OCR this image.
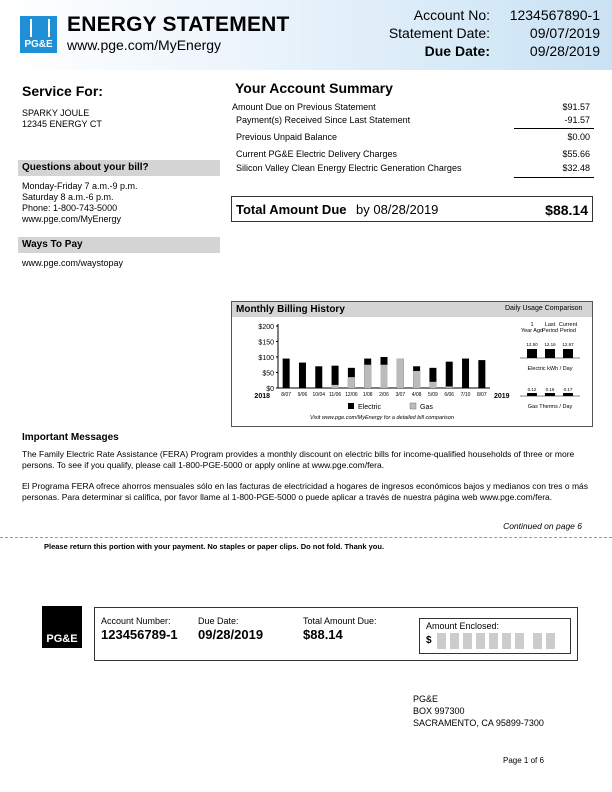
PG&E
ENERGY STATEMENT
www.pge.com/MyEnergy
Account No:	1234567890-1
Statement Date:	09/07/2019
Due Date:	09/28/2019
Service For:
SPARKY JOULE
12345 ENERGY CT
Questions about your bill?
Monday-Friday 7 a.m.-9 p.m.
Saturday 8 a.m.-6 p.m.
Phone: 1-800-743-5000
www.pge.com/MyEnergy
Ways To Pay
www.pge.com/waystopay
Your Account Summary
Amount Due on Previous Statement	$91.57
Payment(s) Received Since Last Statement	-91.57
Previous Unpaid Balance	$0.00
Current PG&E Electric Delivery Charges	$55.66
Silicon Valley Clean Energy Electric Generation Charges	$32.48
Total Amount Due by 08/28/2019	$88.14
Monthly Billing History	Daily Usage Comparison
$200
$150
$100
$50
$0
8/07 9/06 10/04 11/06 12/06 1/08 2/06 3/07 4/08 5/09 6/06 7/10 8/07
2018	2019
Electric	Gas
Visit www.pge.com/MyEnergy for a detailed bill comparison
1
Year Ago
12.50
0.12
Last
Period
12.16
0.16
Current
Period
12.67
0.17
Electric kWh / Day
Gas Therms / Day
Important Messages
The Family Electric Rate Assistance (FERA) Program provides a monthly discount on electric bills for income-qualified households of three or more persons. To see if you qualify, please call 1-800-PGE-5000 or apply online at www.pge.com/fera.
El Programa FERA ofrece ahorros mensuales sólo en las facturas de electricidad a hogares de ingresos económicos bajos y medianos con tres o más personas. Para determinar si califica, por favor llame al 1-800-PGE-5000 o puede aplicar a través de nuestra página web www.pge.com/fera.
Continued on page 6
Please return this portion with your payment. No staples or paper clips. Do not fold. Thank you.
PG&E
Account Number:
123456789-1
Due Date:
09/28/2019
Total Amount Due:
$88.14
Amount Enclosed:
$
PG&E
BOX 997300
SACRAMENTO, CA 95899-7300
Page 1 of 6
